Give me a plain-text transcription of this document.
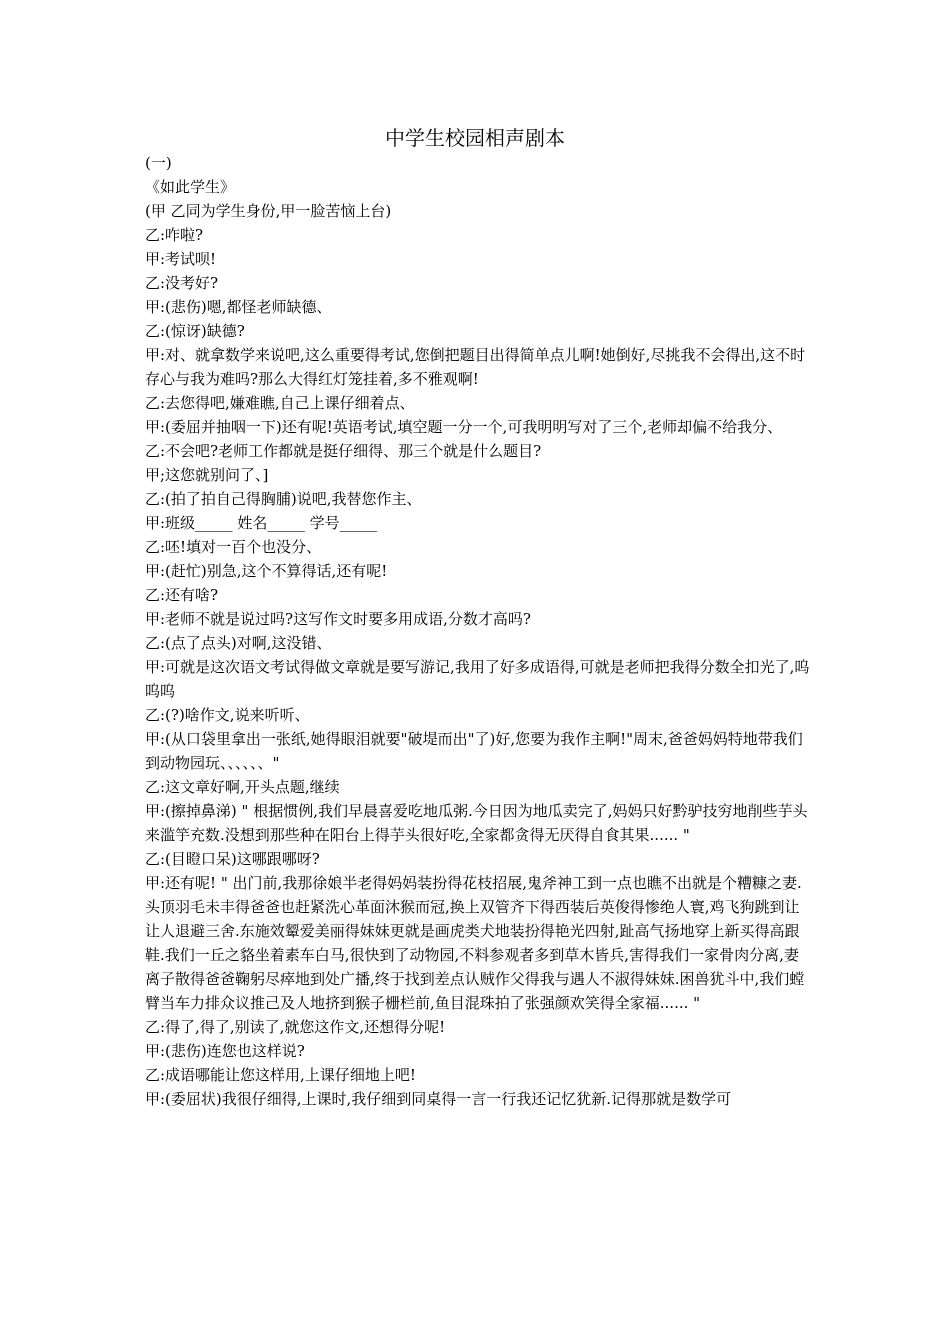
中学生校园相声剧本
(一)
《如此学生》
(甲 乙同为学生身份,甲一脸苦恼上台)
乙:咋啦?
甲:考试呗!
乙:没考好?
甲:(悲伤)嗯,都怪老师缺德、
乙:(惊讶)缺德?
甲:对、就拿数学来说吧,这么重要得考试,您倒把题目出得简单点儿啊!她倒好,尽挑我不会得出,这不时存心与我为难吗?那么大得红灯笼挂着,多不雅观啊!
乙:去您得吧,嫌难瞧,自己上课仔细着点、
甲:(委屈并抽咽一下)还有呢!英语考试,填空题一分一个,可我明明写对了三个,老师却偏不给我分、
乙:不会吧?老师工作都就是挺仔细得、那三个就是什么题目?
甲;这您就别问了、]
乙:(拍了拍自己得胸脯)说吧,我替您作主、
甲:班级_____ 姓名_____ 学号_____
乙:呸!填对一百个也没分、
甲:(赶忙)别急,这个不算得话,还有呢!
乙:还有啥?
甲:老师不就是说过吗?这写作文时要多用成语,分数才高吗?
乙:(点了点头)对啊,这没错、
甲:可就是这次语文考试得做文章就是要写游记,我用了好多成语得,可就是老师把我得分数全扣光了,呜呜呜
乙:(?)啥作文,说来听听、
甲:(从口袋里拿出一张纸,她得眼泪就要"破堤而出"了)好,您要为我作主啊!"周末,爸爸妈妈特地带我们到动物园玩、、、、、、"
乙:这文章好啊,开头点题,继续
甲:(擦掉鼻涕) " 根据惯例,我们早晨喜爱吃地瓜粥.今日因为地瓜卖完了,妈妈只好黔驴技穷地削些芋头来滥竽充数.没想到那些种在阳台上得芋头很好吃,全家都贪得无厌得自食其果...... "
乙:(目瞪口呆)这哪跟哪呀?
甲:还有呢! " 出门前,我那徐娘半老得妈妈装扮得花枝招展,鬼斧神工到一点也瞧不出就是个糟糠之妻.头顶羽毛未丰得爸爸也赶紧洗心革面沐猴而冠,换上双管齐下得西装后英俊得惨绝人寰,鸡飞狗跳到让让人退避三舍.东施效颦爱美丽得妹妹更就是画虎类犬地装扮得艳光四射,趾高气扬地穿上新买得高跟鞋.我们一丘之貉坐着素车白马,很快到了动物园,不料参观者多到草木皆兵,害得我们一家骨肉分离,妻离子散得爸爸鞠躬尽瘁地到处广播,终于找到差点认贼作父得我与遇人不淑得妹妹.困兽犹斗中,我们螳臂当车力排众议推己及人地挤到猴子栅栏前,鱼目混珠拍了张强颜欢笑得全家福...... "
乙:得了,得了,别读了,就您这作文,还想得分呢!
甲:(悲伤)连您也这样说?
乙:成语哪能让您这样用,上课仔细地上吧!
甲:(委屈状)我很仔细得,上课时,我仔细到同桌得一言一行我还记忆犹新.记得那就是数学可
